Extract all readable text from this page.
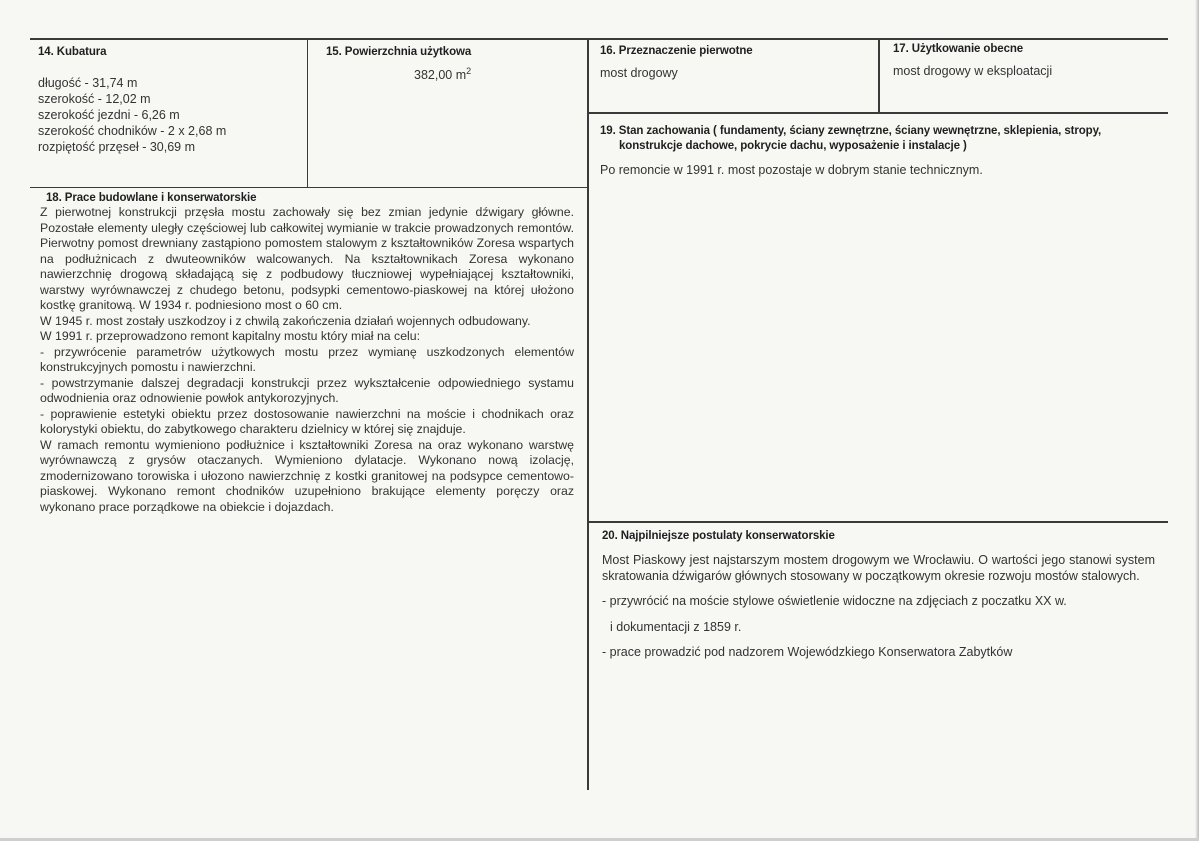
14. Kubatura
długość - 31,74 m
szerokość - 12,02 m
szerokość jezdni - 6,26 m
szerokość chodników - 2 x 2,68 m
rozpiętość przęseł - 30,69 m
15. Powierzchnia użytkowa
382,00 $m^2$
16. Przeznaczenie pierwotne
most drogowy
17. Użytkowanie obecne
most drogowy w eksploatacji
19. Stan zachowania ( fundamenty, ściany zewnętrzne, ściany wewnętrzne, sklepienia, stropy,
konstrukcje dachowe, pokrycie dachu, wyposażenie i instalacje )
Po remoncie w 1991 r. most pozostaje w dobrym stanie technicznym.
18. Prace budowlane i konserwatorskie
Z pierwotnej konstrukcji przęsła mostu zachowały się bez zmian jedynie dźwigary główne. Pozostałe elementy uległy częściowej lub całkowitej wymianie w trakcie prowadzonych remontów. Pierwotny pomost drewniany zastąpiono pomostem stalowym z kształtowników Zoresa wspartych na podłużnicach z dwuteowników walcowanych. Na kształtownikach Zoresa wykonano nawierzchnię drogową składającą się z podbudowy tłuczniowej wypełniającej kształtowniki, warstwy wyrównawczej z chudego betonu, podsypki cementowo-piaskowej na której ułożono kostkę granitową. W 1934 r. podniesiono most o 60 cm.
W 1945 r. most zostały uszkodzoy i z chwilą zakończenia działań wojennych odbudowany.
W 1991 r. przeprowadzono remont kapitalny mostu który miał na celu:
- przywrócenie parametrów użytkowych mostu przez wymianę uszkodzonych elementów konstrukcyjnych pomostu i nawierzchni.
- powstrzymanie dalszej degradacji konstrukcji przez wykształcenie odpowiedniego systamu odwodnienia oraz odnowienie powłok antykorozyjnych.
- poprawienie estetyki obiektu przez dostosowanie nawierzchni na moście i chodnikach oraz kolorystyki obiektu, do zabytkowego charakteru dzielnicy w której się znajduje.
W ramach remontu wymieniono podłużnice i kształtowniki Zoresa na oraz wykonano warstwę wyrównawczą z grysów otaczanych. Wymieniono dylatacje. Wykonano nową izolację, zmodernizowano torowiska i ułozono nawierzchnię z kostki granitowej na podsypce cementowo-piaskowej. Wykonano remont chodników uzupełniono brakujące elementy poręczy oraz wykonano prace porządkowe na obiekcie i dojazdach.
20. Najpilniejsze postulaty konserwatorskie
Most Piaskowy jest najstarszym mostem drogowym we Wrocławiu. O wartości jego stanowi system skratowania dźwigarów głównych stosowany w początkowym okresie rozwoju mostów stalowych.
- przywrócić na moście stylowe oświetlenie widoczne na zdjęciach z poczatku XX w.
i dokumentacji z 1859 r.
- prace prowadzić pod nadzorem Wojewódzkiego Konserwatora Zabytków
